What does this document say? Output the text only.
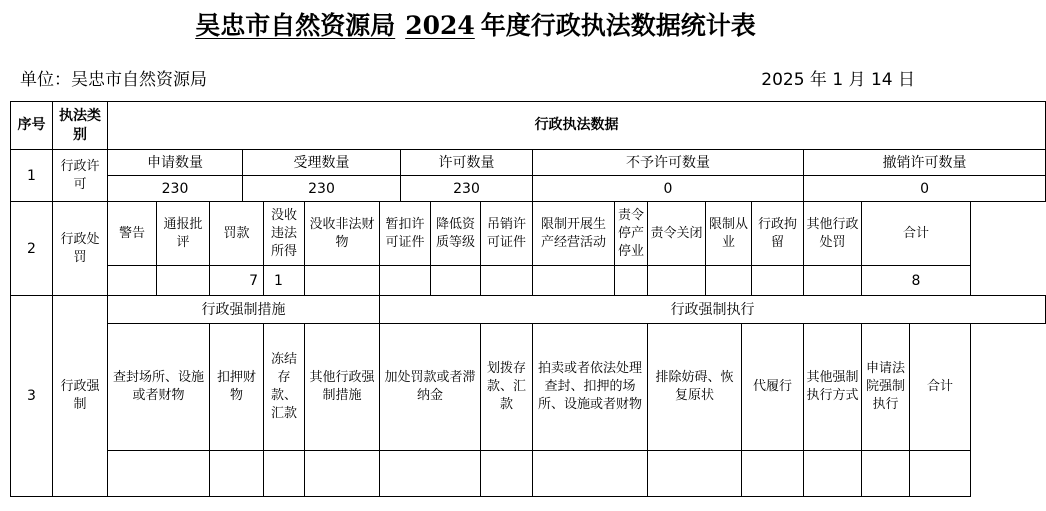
吴忠市自然资源局 2024 年度行政执法数据统计表
单位：吴忠市自然资源局	2025 年 1 月 14 日
序号	执法类别	行政执法数据																		
1	行政许可	申请数量			受理数量				许可数量			不予许可数量						撤销许可数量		
		230			230				230			0						0		
2	行政处罚	警告	通报批评	罚款		没收违法所得	没收非法财物	暂扣许可证件		降低资质等级	吊销许可证件	限制开展生产经营活动	责令停产停业	责令关闭	限制从业		行政拘留	其他行政处罚	合计	
				7		1													8	
3	行政强制	行政强制措施						行政强制执行												
		查封场所、设施或者财物		扣押财物		冻结存款、汇款	其他行政强制措施	加处罚款或者滞纳金			划拨存款、汇款	拍卖或者依法处理查封、扣押的场所、设施或者财物		排除妨碍、恢复原状		代履行		其他强制执行方式	申请法院强制执行	合计
